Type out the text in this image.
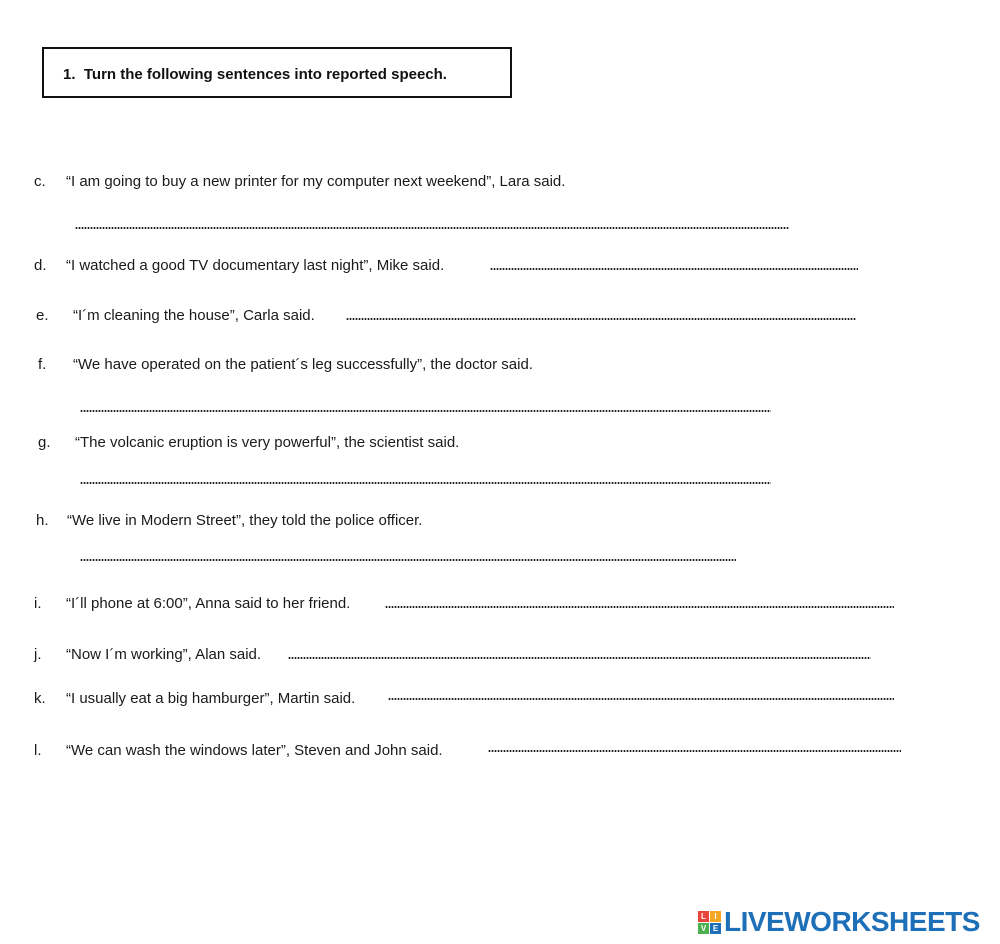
1. Turn the following sentences into reported speech.
c. “I am going to buy a new printer for my computer next weekend”, Lara said.
d. “I watched a good TV documentary last night”, Mike said.
e. “I´m cleaning the house”, Carla said.
f. “We have operated on the patient´s leg successfully”, the doctor said.
g. “The volcanic eruption is very powerful”, the scientist said.
h. “We live in Modern Street”, they told the police officer.
i. “I´ll phone at 6:00”, Anna said to her friend.
j. “Now I´m working”, Alan said.
k. “I usually eat a big hamburger”, Martin said.
l. “We can wash the windows later”, Steven and John said.
L	I
V E LIVEWORKSHEETS
